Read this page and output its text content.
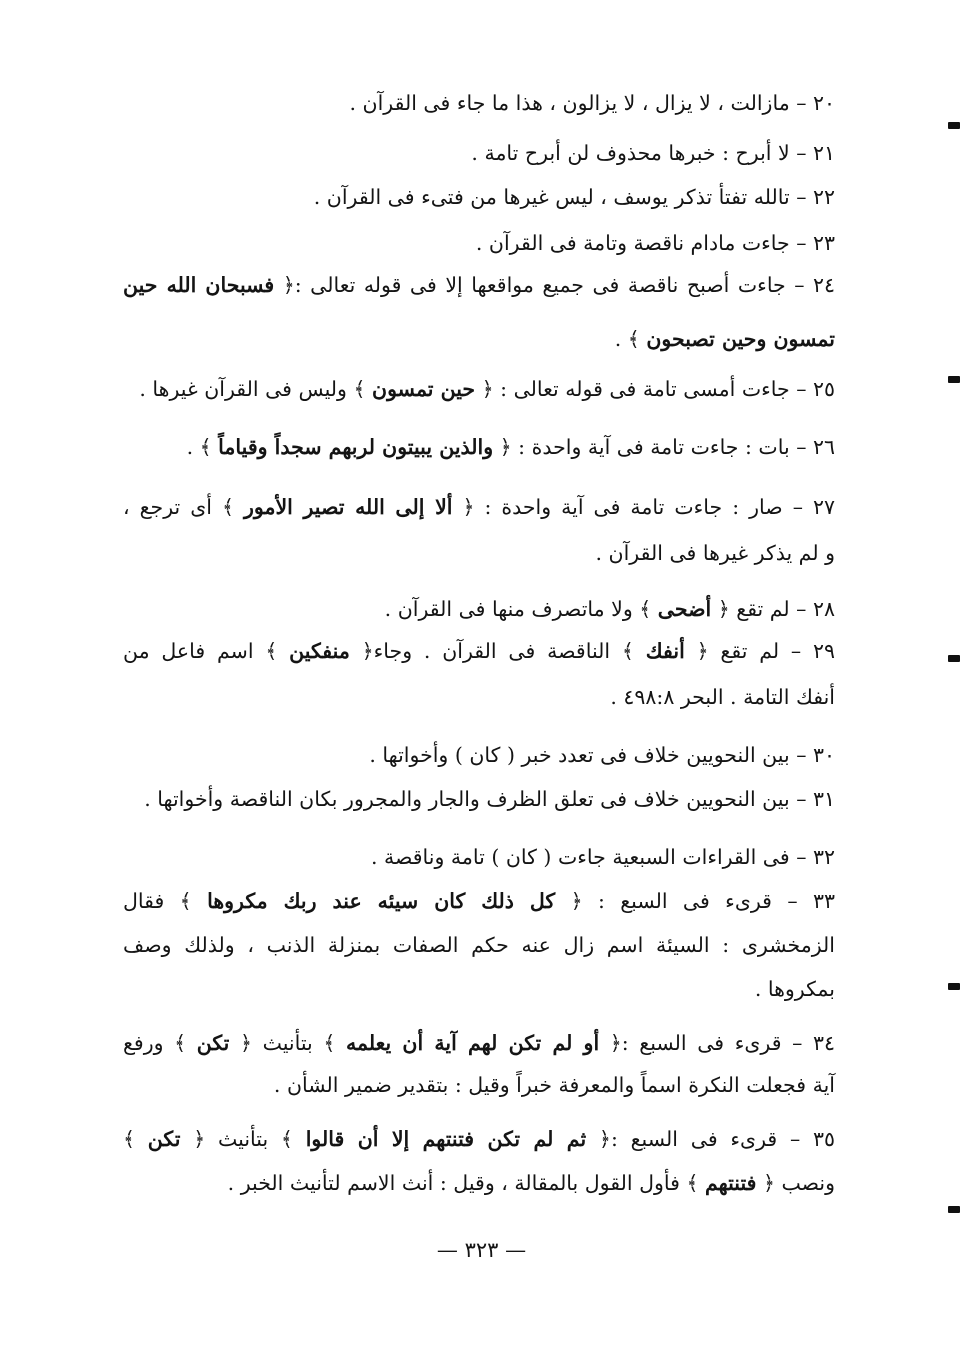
٢٠ – مازالت ، لا يزال ، لا يزالون ، هذا ما جاء فى القرآن .
٢١ – لا أبرح : خبرها محذوف لن أبرح تامة .
٢٢ – تالله تفتأ تذكر يوسف ، ليس غيرها من فتىء فى القرآن .
٢٣ – جاءت مادام ناقصة وتامة فى القرآن .
٢٤ – جاءت أصبح ناقصة فى جميع مواقعها إلا فى قوله تعالى :﴿ فسبحان الله حين
تمسون وحين تصبحون ﴾ .
٢٥ – جاءت أمسى تامة فى قوله تعالى : ﴿ حين تمسون ﴾ وليس فى القرآن غيرها .
٢٦ – بات : جاءت تامة فى آية واحدة : ﴿ والذين يبيتون لربهم سجداً وقياماً ﴾ .
٢٧ – صار : جاءت تامة فى آية واحدة : ﴿ ألا إلى الله تصير الأمور ﴾ أى ترجع ،
و لم يذكر غيرها فى القرآن .
٢٨ – لم تقع ﴿ أضحى ﴾ ولا ماتصرف منها فى القرآن .
٢٩ – لم تقع ﴿ أنفك ﴾ الناقصة فى القرآن . وجاء﴿ منفكين ﴾ اسم فاعل من
أنفك التامة . البحر ٤٩٨:٨ .
٣٠ – بين النحويين خلاف فى تعدد خبر ( كان ) وأخواتها .
٣١ – بين النحويين خلاف فى تعلق الظرف والجار والمجرور بكان الناقصة وأخواتها .
٣٢ – فى القراءات السبعية جاءت ( كان ) تامة وناقصة .
٣٣ – قرىء فى السبع : ﴿ كل ذلك كان سيئه عند ربك مكروها ﴾ فقال
الزمخشرى : السيئة اسم زال عنه حكم الصفات بمنزلة الذنب ، ولذلك وصف
بمكروها .
٣٤ – قرىء فى السبع :﴿ أو لم تكن لهم آية أن يعلمه ﴾ بتأنيث ﴿ تكن ﴾ ورفع
آية فجعلت النكرة اسماً والمعرفة خبراً وقيل : بتقدير ضمير الشأن .
٣٥ – قرىء فى السبع :﴿ ثم لم تكن فتنتهم إلا أن قالوا ﴾ بتأنيث ﴿ تكن ﴾
ونصب ﴿ فتنتهم ﴾ فأول القول بالمقالة ، وقيل : أنث الاسم لتأنيث الخبر .
— ٣٢٣ —
